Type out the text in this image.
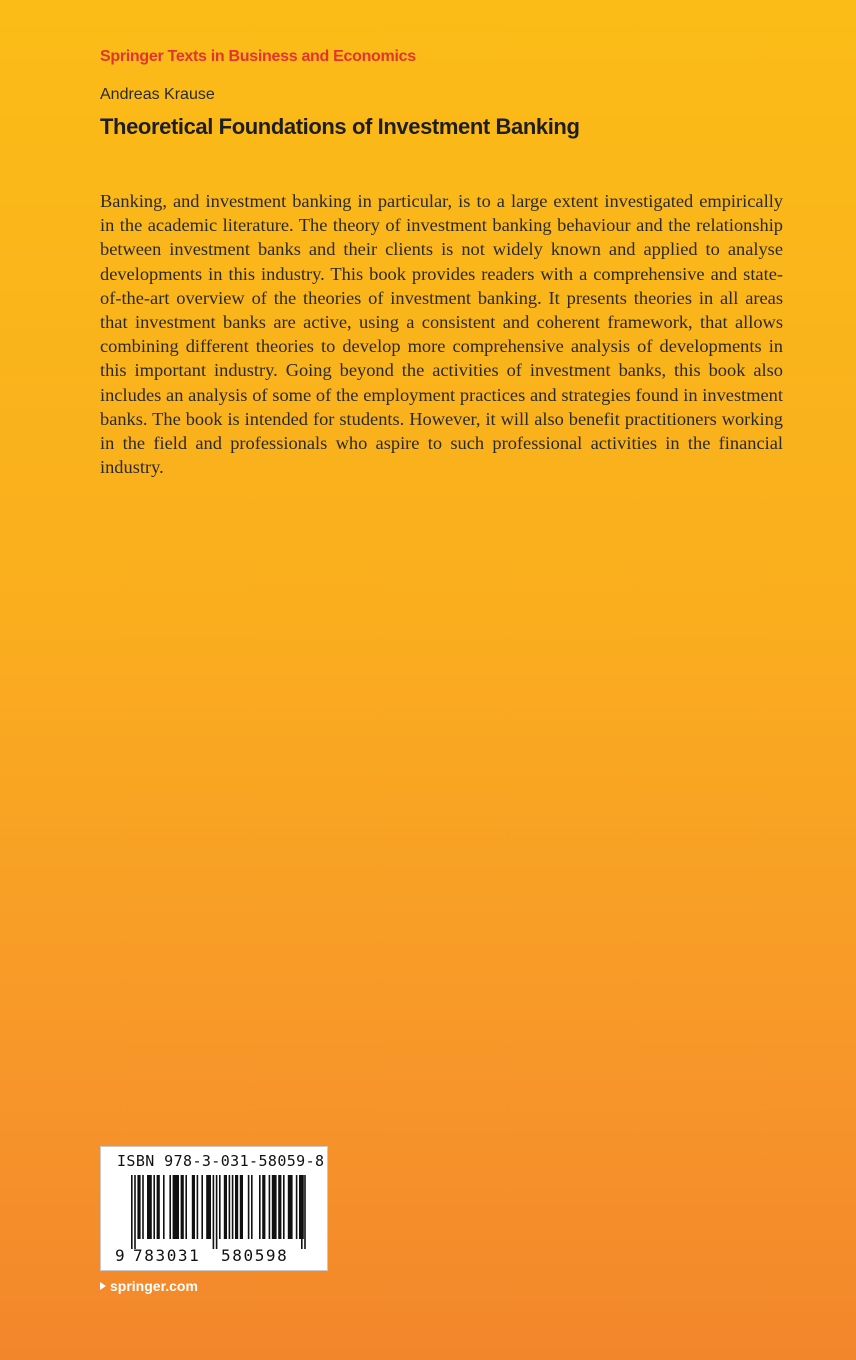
Springer Texts in Business and Economics
Andreas Krause
Theoretical Foundations of Investment Banking

Banking, and investment banking in particular, is to a large extent investigated empirically in the academic literature. The theory of investment banking behaviour and the relationship between investment banks and their clients is not widely known and applied to analyse developments in this industry. This book provides readers with a comprehensive and state-of-the-art overview of the theories of investment banking. It presents theories in all areas that investment banks are active, using a consistent and coherent framework, that allows combining different theories to develop more comprehensive analysis of developments in this important industry. Going beyond the activities of investment banks, this book also includes an analysis of some of the employment practices and strategies found in investment banks. The book is intended for students. However, it will also benefit practitioners working in the field and professionals who aspire to such professional activities in the financial industry.

ISBN 978-3-031-58059-8
9 783031 580598
springer.com
